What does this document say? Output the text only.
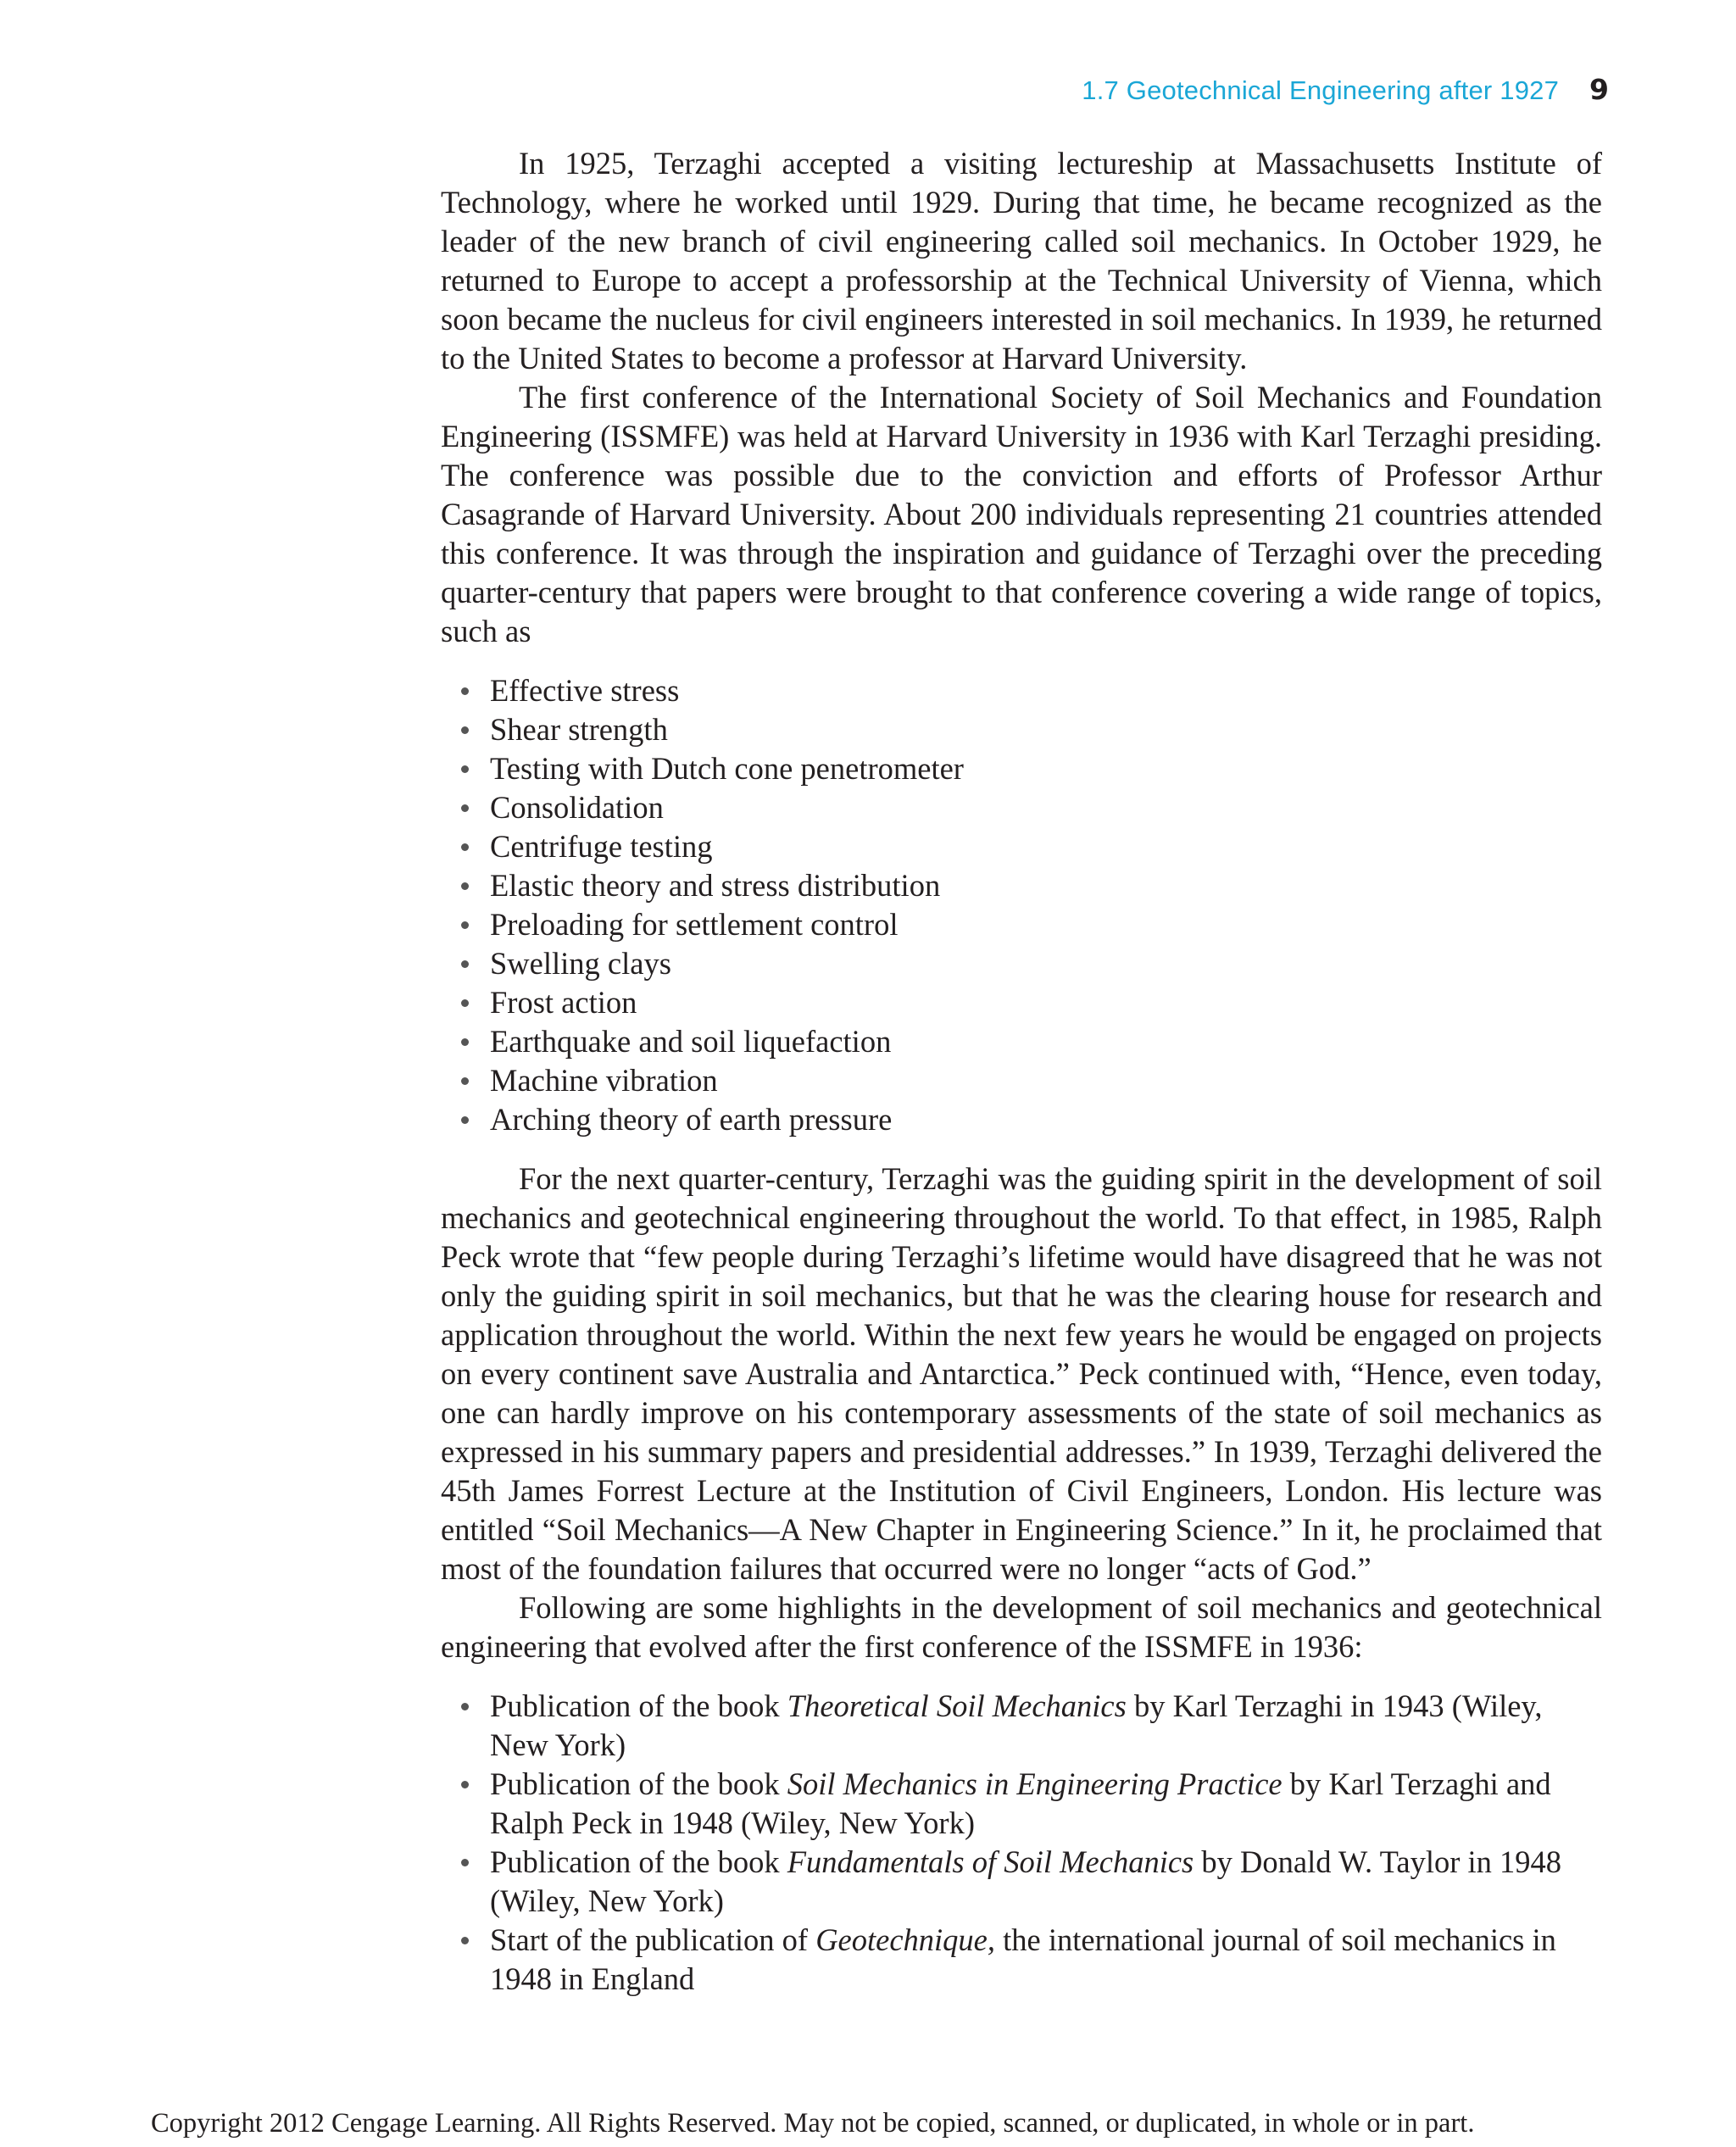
1.7 Geotechnical Engineering after 1927 9

In 1925, Terzaghi accepted a visiting lectureship at Massachusetts Institute of Technology, where he worked until 1929. During that time, he became recognized as the leader of the new branch of civil engineering called soil mechanics. In October 1929, he returned to Europe to accept a professorship at the Technical University of Vienna, which soon became the nucleus for civil engineers interested in soil mechanics. In 1939, he returned to the United States to become a professor at Harvard University.

The first conference of the International Society of Soil Mechanics and Foundation Engineering (ISSMFE) was held at Harvard University in 1936 with Karl Terzaghi presiding. The conference was possible due to the conviction and efforts of Professor Arthur Casagrande of Harvard University. About 200 individuals representing 21 countries attended this conference. It was through the inspiration and guidance of Terzaghi over the preceding quarter-century that papers were brought to that conference covering a wide range of topics, such as

Effective stress
Shear strength
Testing with Dutch cone penetrometer
Consolidation
Centrifuge testing
Elastic theory and stress distribution
Preloading for settlement control
Swelling clays
Frost action
Earthquake and soil liquefaction
Machine vibration
Arching theory of earth pressure

For the next quarter-century, Terzaghi was the guiding spirit in the development of soil mechanics and geotechnical engineering throughout the world. To that effect, in 1985, Ralph Peck wrote that “few people during Terzaghi’s lifetime would have disagreed that he was not only the guiding spirit in soil mechanics, but that he was the clearing house for research and application throughout the world. Within the next few years he would be engaged on projects on every continent save Australia and Antarctica.” Peck continued with, “Hence, even today, one can hardly improve on his contemporary assessments of the state of soil mechanics as expressed in his summary papers and presidential addresses.” In 1939, Terzaghi delivered the 45th James Forrest Lecture at the Institution of Civil Engineers, London. His lecture was entitled “Soil Mechanics—A New Chapter in Engineering Science.” In it, he proclaimed that most of the foundation failures that occurred were no longer “acts of God.”

Following are some highlights in the development of soil mechanics and geotechnical engineering that evolved after the first conference of the ISSMFE in 1936:

Publication of the book Theoretical Soil Mechanics by Karl Terzaghi in 1943 (Wiley, New York)
Publication of the book Soil Mechanics in Engineering Practice by Karl Terzaghi and Ralph Peck in 1948 (Wiley, New York)
Publication of the book Fundamentals of Soil Mechanics by Donald W. Taylor in 1948 (Wiley, New York)
Start of the publication of Geotechnique, the international journal of soil mechanics in 1948 in England
Copyright 2012 Cengage Learning. All Rights Reserved. May not be copied, scanned, or duplicated, in whole or in part.
